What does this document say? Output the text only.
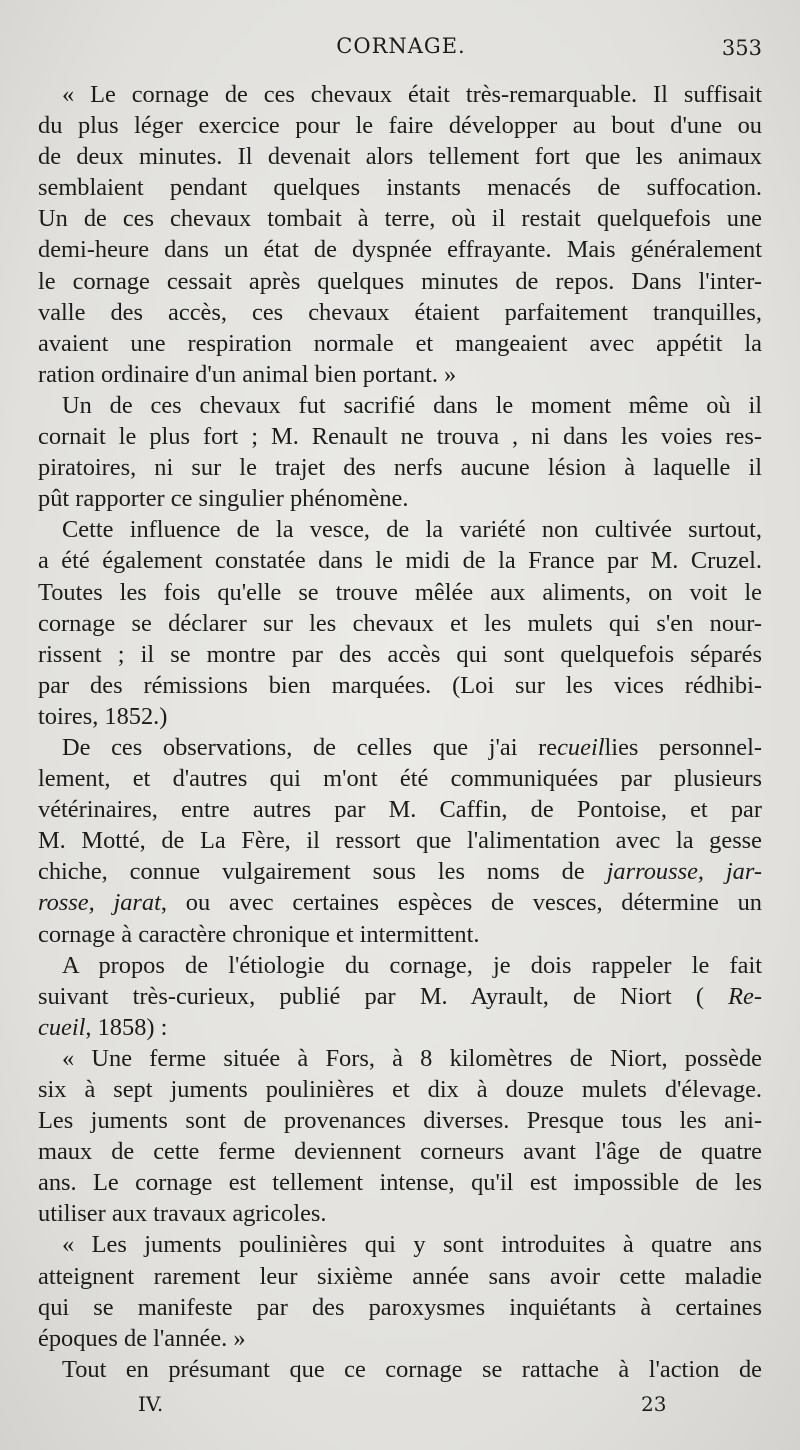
CORNAGE.	353
« Le cornage de ces chevaux était très-remarquable. Il suffisait
du plus léger exercice pour le faire développer au bout d'une ou
de deux minutes. Il devenait alors tellement fort que les animaux
semblaient pendant quelques instants menacés de suffocation.
Un de ces chevaux tombait à terre, où il restait quelquefois une
demi-heure dans un état de dyspnée effrayante. Mais généralement
le cornage cessait après quelques minutes de repos. Dans l'inter-
valle des accès, ces chevaux étaient parfaitement tranquilles,
avaient une respiration normale et mangeaient avec appétit la
ration ordinaire d'un animal bien portant. »
Un de ces chevaux fut sacrifié dans le moment même où il
cornait le plus fort ; M. Renault ne trouva , ni dans les voies res-
piratoires, ni sur le trajet des nerfs aucune lésion à laquelle il
pût rapporter ce singulier phénomène.
Cette influence de la vesce, de la variété non cultivée surtout,
a été également constatée dans le midi de la France par M. Cruzel.
Toutes les fois qu'elle se trouve mêlée aux aliments, on voit le
cornage se déclarer sur les chevaux et les mulets qui s'en nour-
rissent ; il se montre par des accès qui sont quelquefois séparés
par des rémissions bien marquées. (Loi sur les vices rédhibi-
toires, 1852.)
De ces observations, de celles que j'ai recueillies personnel-
lement, et d'autres qui m'ont été communiquées par plusieurs
vétérinaires, entre autres par M. Caffin, de Pontoise, et par
M. Motté, de La Fère, il ressort que l'alimentation avec la gesse
chiche, connue vulgairement sous les noms de jarrousse, jar-
rosse, jarat, ou avec certaines espèces de vesces, détermine un
cornage à caractère chronique et intermittent.
A propos de l'étiologie du cornage, je dois rappeler le fait
suivant très-curieux, publié par M. Ayrault, de Niort ( Re-
cueil, 1858) :
« Une ferme située à Fors, à 8 kilomètres de Niort, possède
six à sept juments poulinières et dix à douze mulets d'élevage.
Les juments sont de provenances diverses. Presque tous les ani-
maux de cette ferme deviennent corneurs avant l'âge de quatre
ans. Le cornage est tellement intense, qu'il est impossible de les
utiliser aux travaux agricoles.
« Les juments poulinières qui y sont introduites à quatre ans
atteignent rarement leur sixième année sans avoir cette maladie
qui se manifeste par des paroxysmes inquiétants à certaines
époques de l'année. »
Tout en présumant que ce cornage se rattache à l'action de
IV.	23
